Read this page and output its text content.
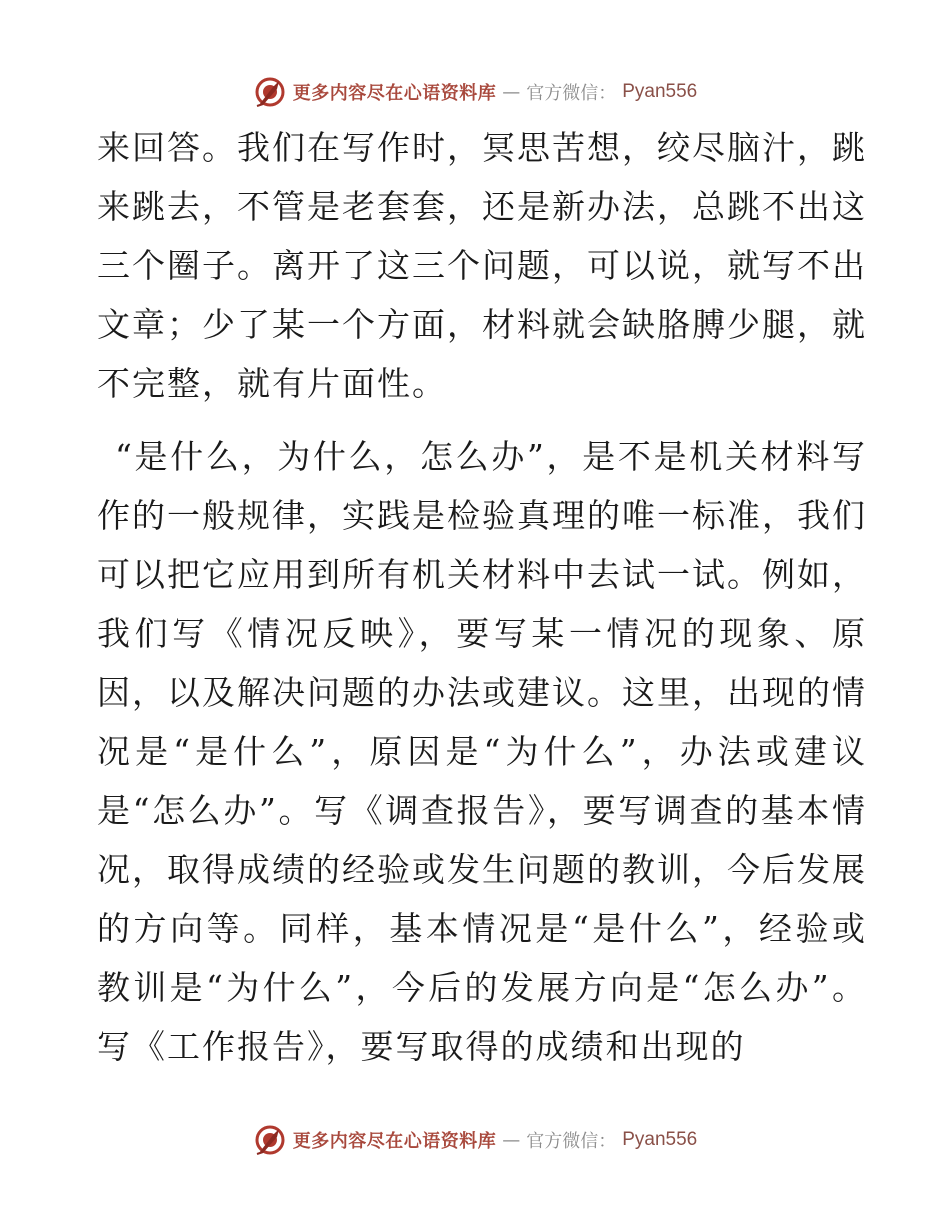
更多内容尽在心语资料库 — 官方微信： Pyan556

来回答。我们在写作时，冥思苦想，绞尽脑汁，跳来跳去，不管是老套套，还是新办法，总跳不出这三个圈子。离开了这三个问题，可以说，就写不出文章；少了某一个方面，材料就会缺胳膊少腿，就不完整，就有片面性。

“是什么，为什么，怎么办”，是不是机关材料写作的一般规律，实践是检验真理的唯一标准，我们可以把它应用到所有机关材料中去试一试。例如，我们写《情况反映》，要写某一情况的现象、原因，以及解决问题的办法或建议。这里，出现的情况是“是什么”，原因是“为什么”，办法或建议是“怎么办”。写《调查报告》，要写调查的基本情况，取得成绩的经验或发生问题的教训，今后发展的方向等。同样，基本情况是“是什么”，经验或教训是“为什么”，今后的发展方向是“怎么办”。写《工作报告》，要写取得的成绩和出现的

更多内容尽在心语资料库 — 官方微信： Pyan556
